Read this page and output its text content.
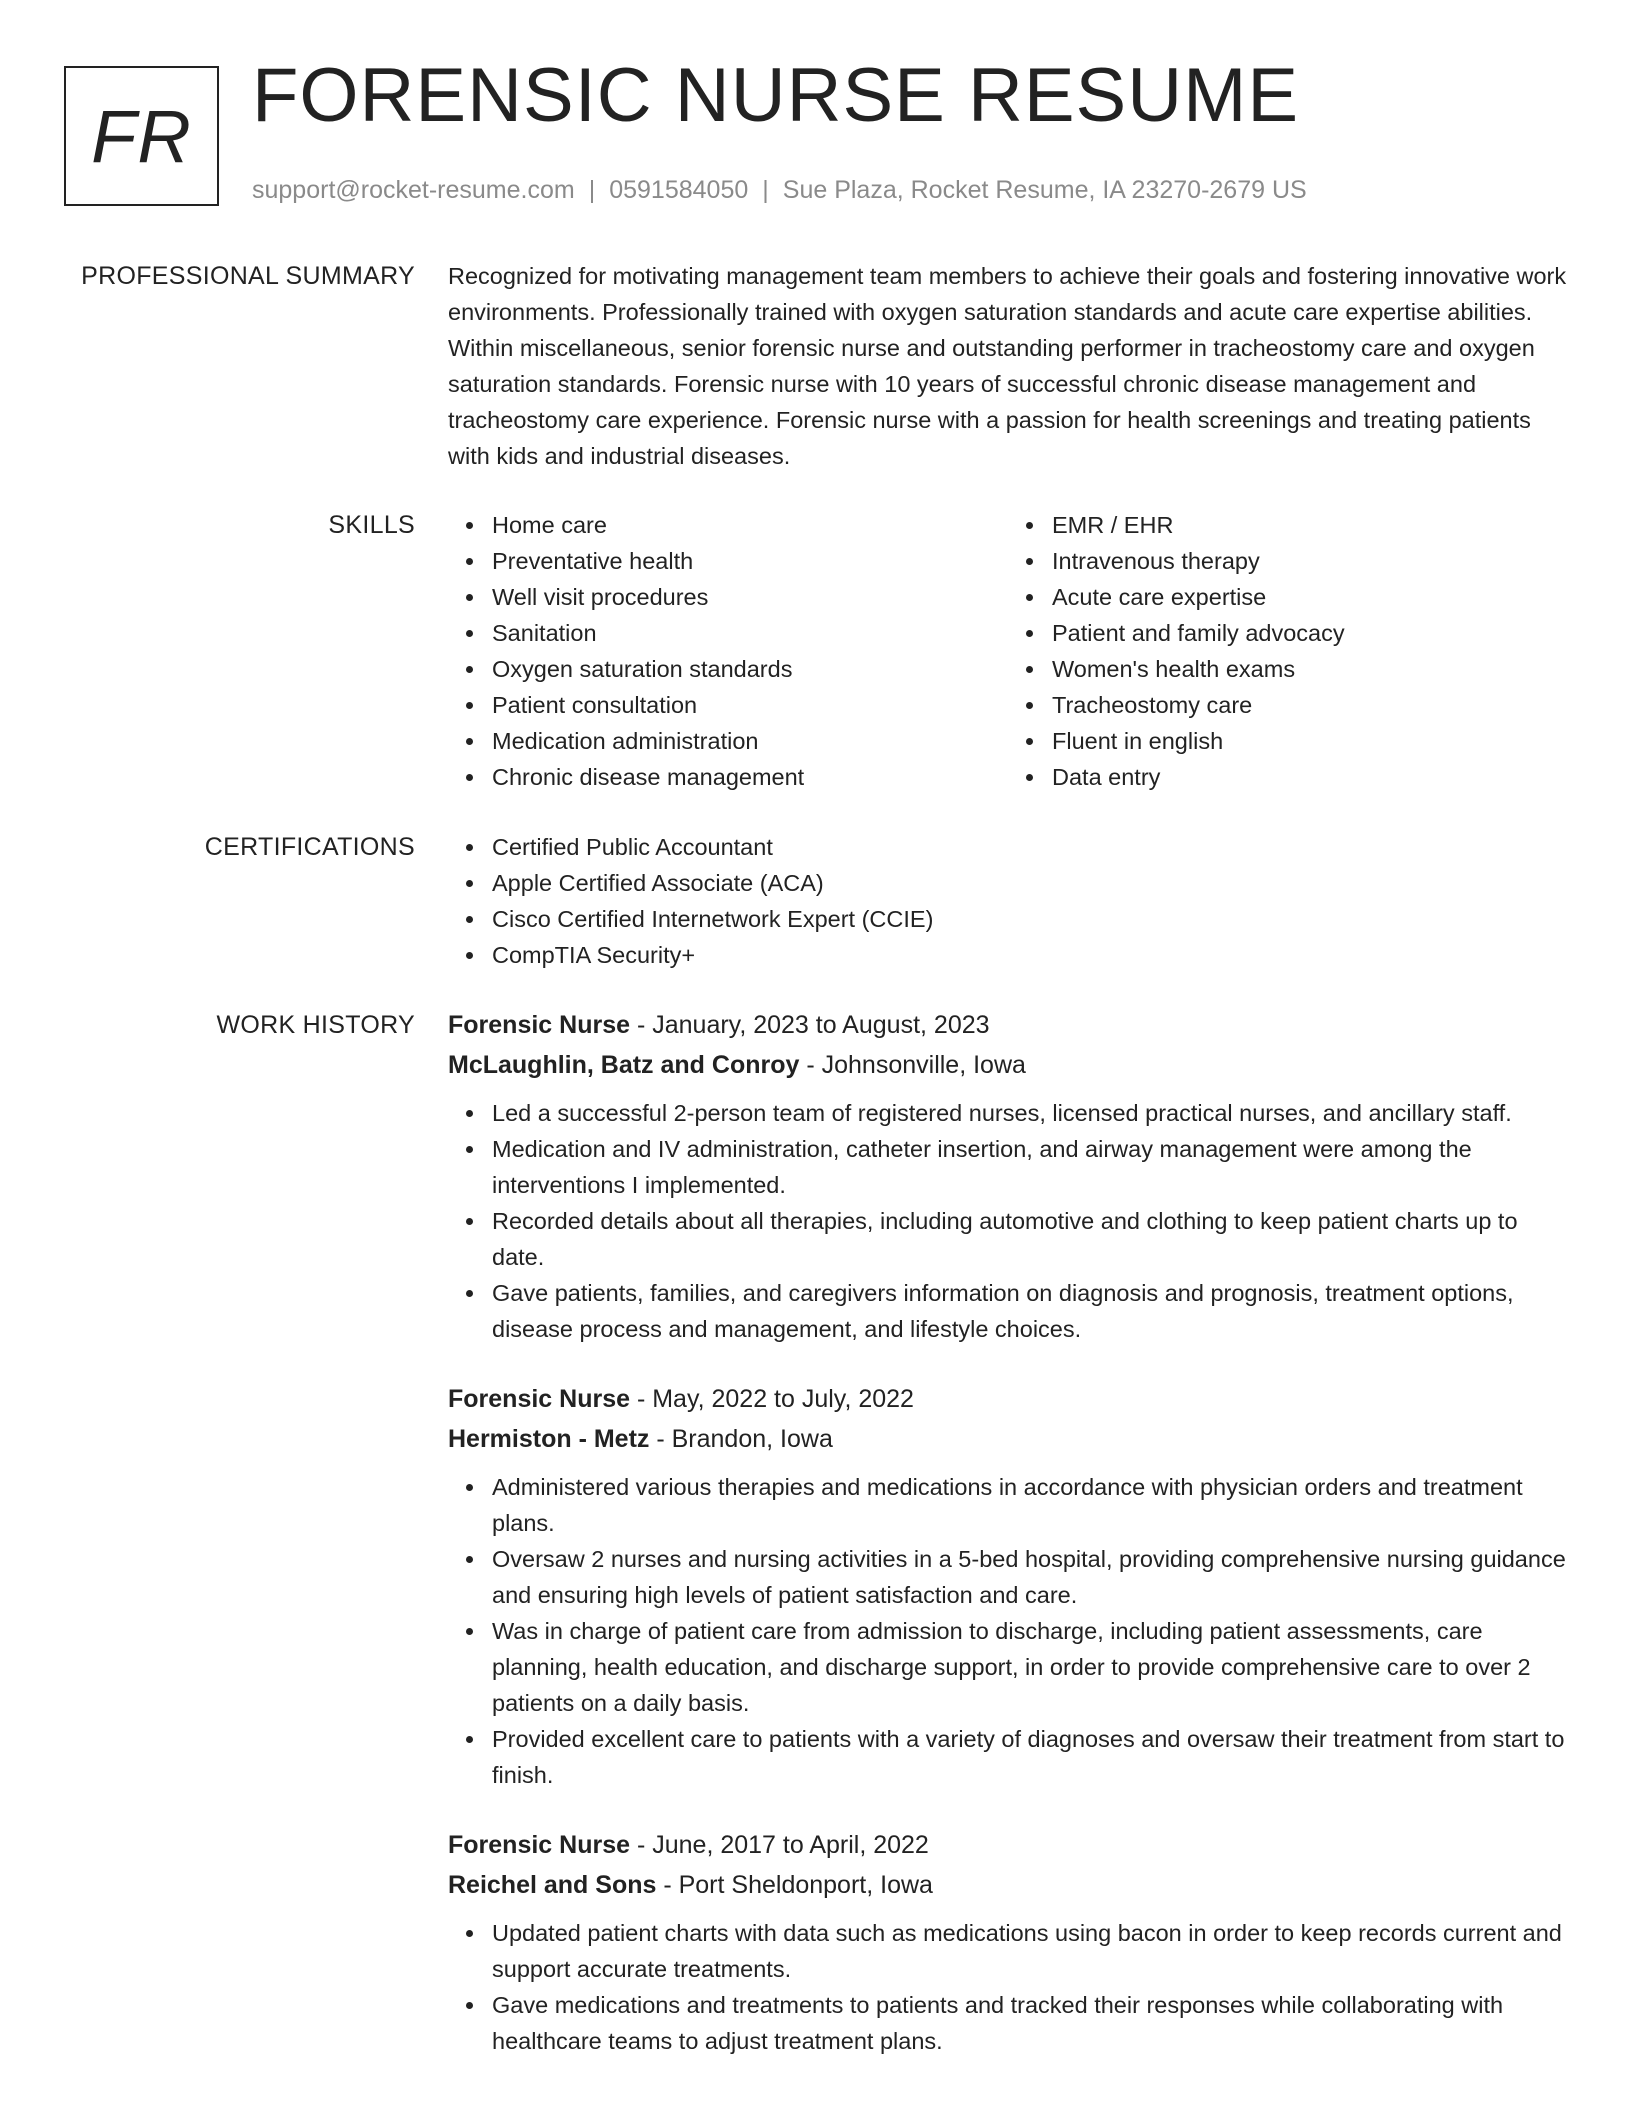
FR FORENSIC NURSE RESUME
support@rocket-resume.com | 0591584050 | Sue Plaza, Rocket Resume, IA 23270-2679 US
PROFESSIONAL SUMMARY Recognized for motivating management team members to achieve their goals and fostering innovative work environments. Professionally trained with oxygen saturation standards and acute care expertise abilities. Within miscellaneous, senior forensic nurse and outstanding performer in tracheostomy care and oxygen saturation standards. Forensic nurse with 10 years of successful chronic disease management and tracheostomy care experience. Forensic nurse with a passion for health screenings and treating patients with kids and industrial diseases.

SKILLS	Home care
Preventative health
Well visit procedures
Sanitation
Oxygen saturation standards
Patient consultation
Medication administration
Chronic disease management
EMR / EHR
Intravenous therapy
Acute care expertise
Patient and family advocacy
Women's health exams
Tracheostomy care
Fluent in english
Data entry
CERTIFICATIONS	Certified Public Accountant
Apple Certified Associate (ACA)
Cisco Certified Internetwork Expert (CCIE)
CompTIA Security+
WORK HISTORY Forensic Nurse - January, 2023 to August, 2023
McLaughlin, Batz and Conroy - Johnsonville, Iowa
Led a successful 2-person team of registered nurses, licensed practical nurses, and ancillary staff.
Medication and IV administration, catheter insertion, and airway management were among the interventions I implemented.
Recorded details about all therapies, including automotive and clothing to keep patient charts up to date.
Gave patients, families, and caregivers information on diagnosis and prognosis, treatment options, disease process and management, and lifestyle choices.
Forensic Nurse - May, 2022 to July, 2022
Hermiston - Metz - Brandon, Iowa
Administered various therapies and medications in accordance with physician orders and treatment plans.
Oversaw 2 nurses and nursing activities in a 5-bed hospital, providing comprehensive nursing guidance and ensuring high levels of patient satisfaction and care.
Was in charge of patient care from admission to discharge, including patient assessments, care planning, health education, and discharge support, in order to provide comprehensive care to over 2 patients on a daily basis.
Provided excellent care to patients with a variety of diagnoses and oversaw their treatment from start to finish.
Forensic Nurse - June, 2017 to April, 2022
Reichel and Sons - Port Sheldonport, Iowa
Updated patient charts with data such as medications using bacon in order to keep records current and support accurate treatments.
Gave medications and treatments to patients and tracked their responses while collaborating with healthcare teams to adjust treatment plans.
